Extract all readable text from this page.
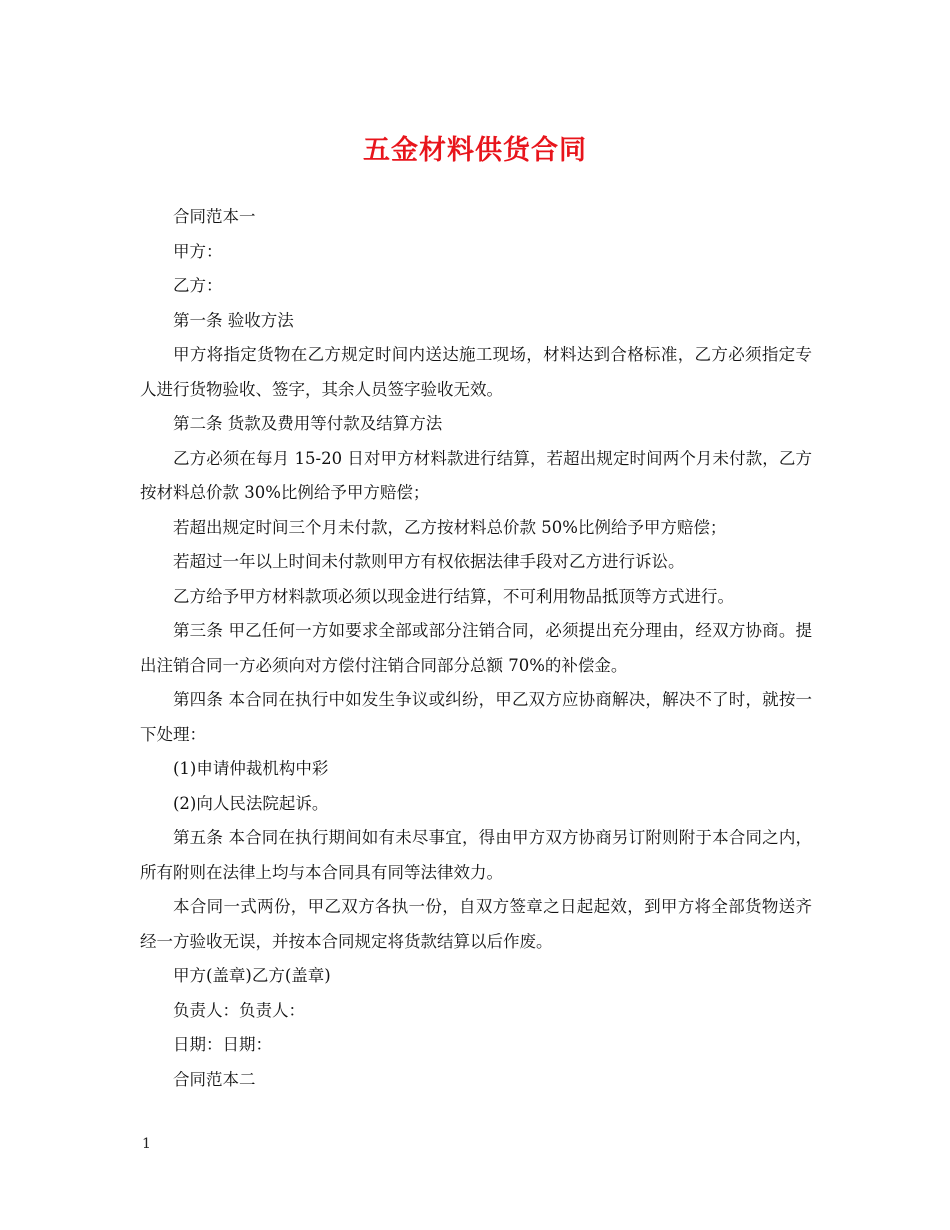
五金材料供货合同

合同范本一

甲方：

乙方：

第一条 验收方法

甲方将指定货物在乙方规定时间内送达施工现场，材料达到合格标准，乙方必须指定专人进行货物验收、签字，其余人员签字验收无效。

第二条 货款及费用等付款及结算方法

乙方必须在每月 15-20 日对甲方材料款进行结算，若超出规定时间两个月未付款，乙方按材料总价款 30%比例给予甲方赔偿；

若超出规定时间三个月未付款，乙方按材料总价款 50%比例给予甲方赔偿；

若超过一年以上时间未付款则甲方有权依据法律手段对乙方进行诉讼。

乙方给予甲方材料款项必须以现金进行结算，不可利用物品抵顶等方式进行。

第三条 甲乙任何一方如要求全部或部分注销合同，必须提出充分理由，经双方协商。提出注销合同一方必须向对方偿付注销合同部分总额 70%的补偿金。

第四条 本合同在执行中如发生争议或纠纷，甲乙双方应协商解决，解决不了时，就按一下处理：

(1)申请仲裁机构中彩

(2)向人民法院起诉。

第五条 本合同在执行期间如有未尽事宜，得由甲方双方协商另订附则附于本合同之内，所有附则在法律上均与本合同具有同等法律效力。

本合同一式两份，甲乙双方各执一份，自双方签章之日起起效，到甲方将全部货物送齐经一方验收无误，并按本合同规定将货款结算以后作废。

甲方(盖章)乙方(盖章)

负责人：负责人：

日期：日期：

合同范本二

1
